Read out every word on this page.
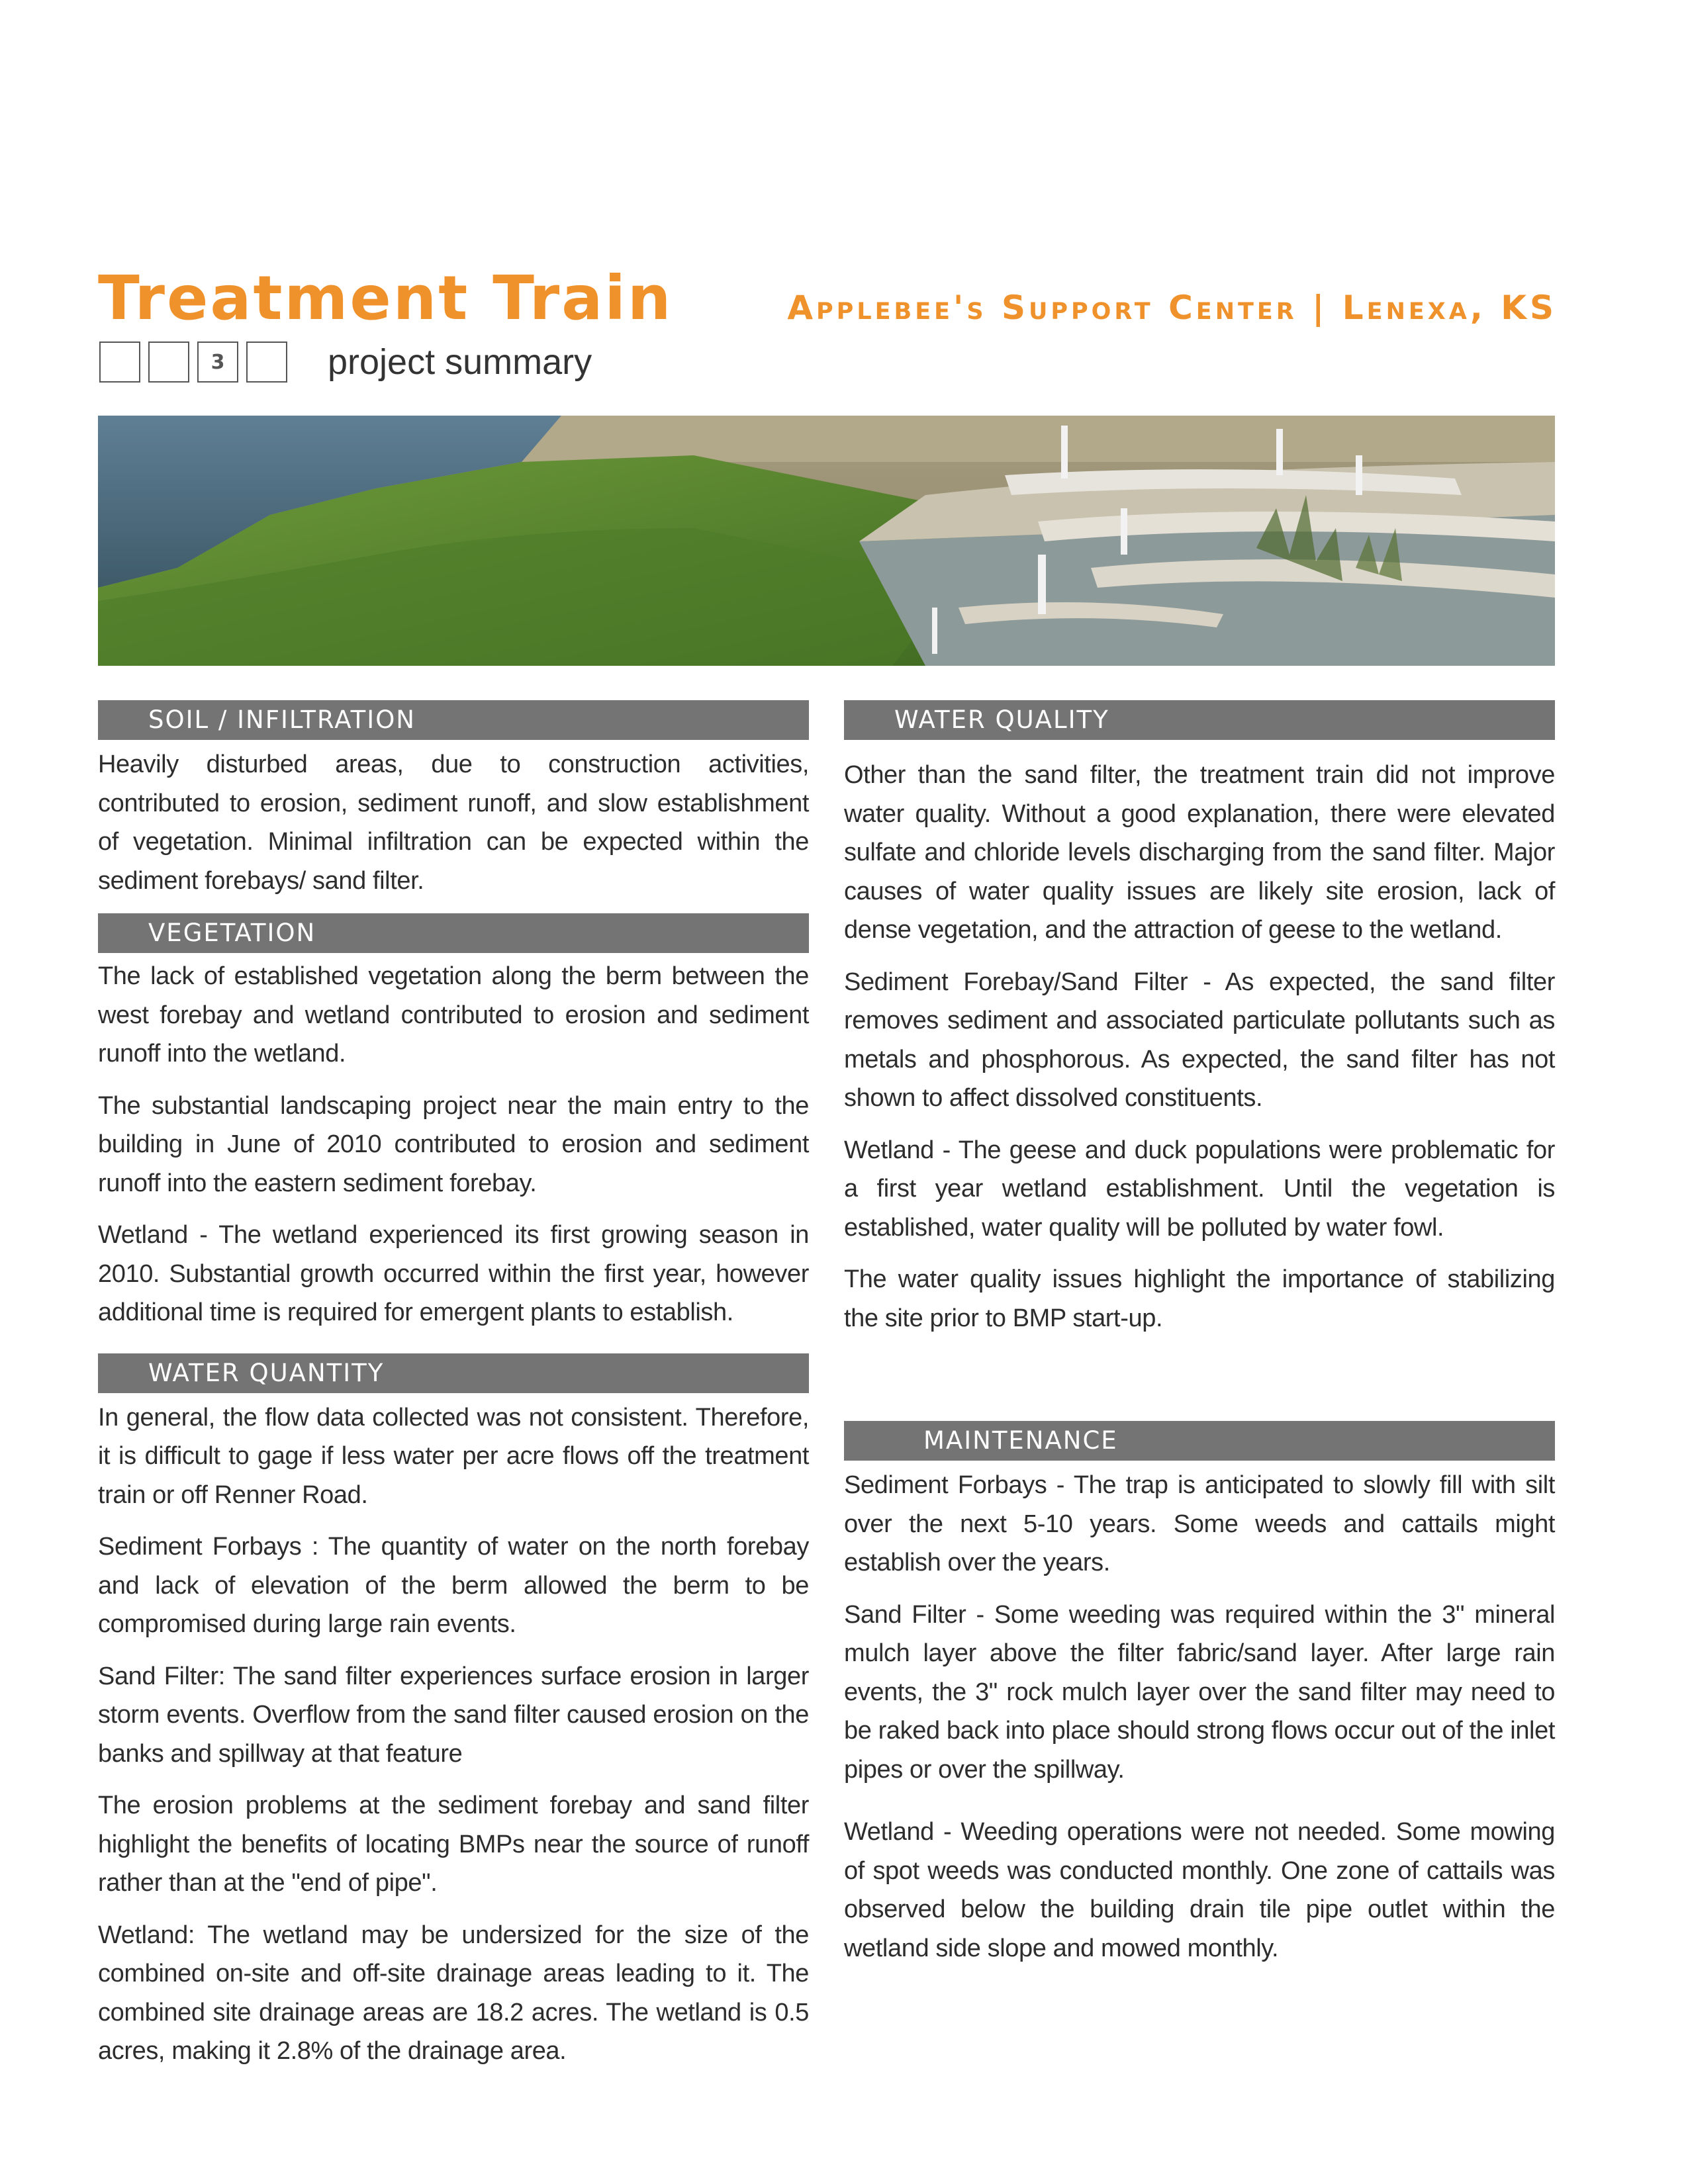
Treatment Train	Applebee's Support Center | Lenexa, KS
3	project summary
SOIL / INFILTRATION

Heavily disturbed areas, due to construction activities, contributed to erosion, sediment runoff, and slow establishment of vegetation. Minimal infiltration can be expected within the sediment forebays/ sand filter.

VEGETATION

The lack of established vegetation along the berm between the west forebay and wetland contributed to erosion and sediment runoff into the wetland.

The substantial landscaping project near the main entry to the building in June of 2010 contributed to erosion and sediment runoff into the eastern sediment forebay.

Wetland - The wetland experienced its first growing season in 2010. Substantial growth occurred within the first year, however additional time is required for emergent plants to establish.

WATER QUANTITY

In general, the flow data collected was not consistent. Therefore, it is difficult to gage if less water per acre flows off the treatment train or off Renner Road.

Sediment Forbays : The quantity of water on the north forebay and lack of elevation of the berm allowed the berm to be compromised during large rain events.

Sand Filter: The sand filter experiences surface erosion in larger storm events. Overflow from the sand filter caused erosion on the banks and spillway at that feature

The erosion problems at the sediment forebay and sand filter highlight the benefits of locating BMPs near the source of runoff rather than at the "end of pipe".

Wetland: The wetland may be undersized for the size of the combined on-site and off-site drainage areas leading to it. The combined site drainage areas are 18.2 acres. The wetland is 0.5 acres, making it 2.8% of the drainage area.

WATER QUALITY

Other than the sand filter, the treatment train did not improve water quality. Without a good explanation, there were elevated sulfate and chloride levels discharging from the sand filter. Major causes of water quality issues are likely site erosion, lack of dense vegetation, and the attraction of geese to the wetland.

Sediment Forebay/Sand Filter - As expected, the sand filter removes sediment and associated particulate pollutants such as metals and phosphorous. As expected, the sand filter has not shown to affect dissolved constituents.

Wetland - The geese and duck populations were problematic for a first year wetland establishment. Until the vegetation is established, water quality will be polluted by water fowl.

The water quality issues highlight the importance of stabilizing the site prior to BMP start-up.

MAINTENANCE

Sediment Forbays - The trap is anticipated to slowly fill with silt over the next 5-10 years. Some weeds and cattails might establish over the years.

Sand Filter - Some weeding was required within the 3" mineral mulch layer above the filter fabric/sand layer. After large rain events, the 3" rock mulch layer over the sand filter may need to be raked back into place should strong flows occur out of the inlet pipes or over the spillway.

Wetland - Weeding operations were not needed. Some mowing of spot weeds was conducted monthly. One zone of cattails was observed below the building drain tile pipe outlet within the wetland side slope and mowed monthly.
